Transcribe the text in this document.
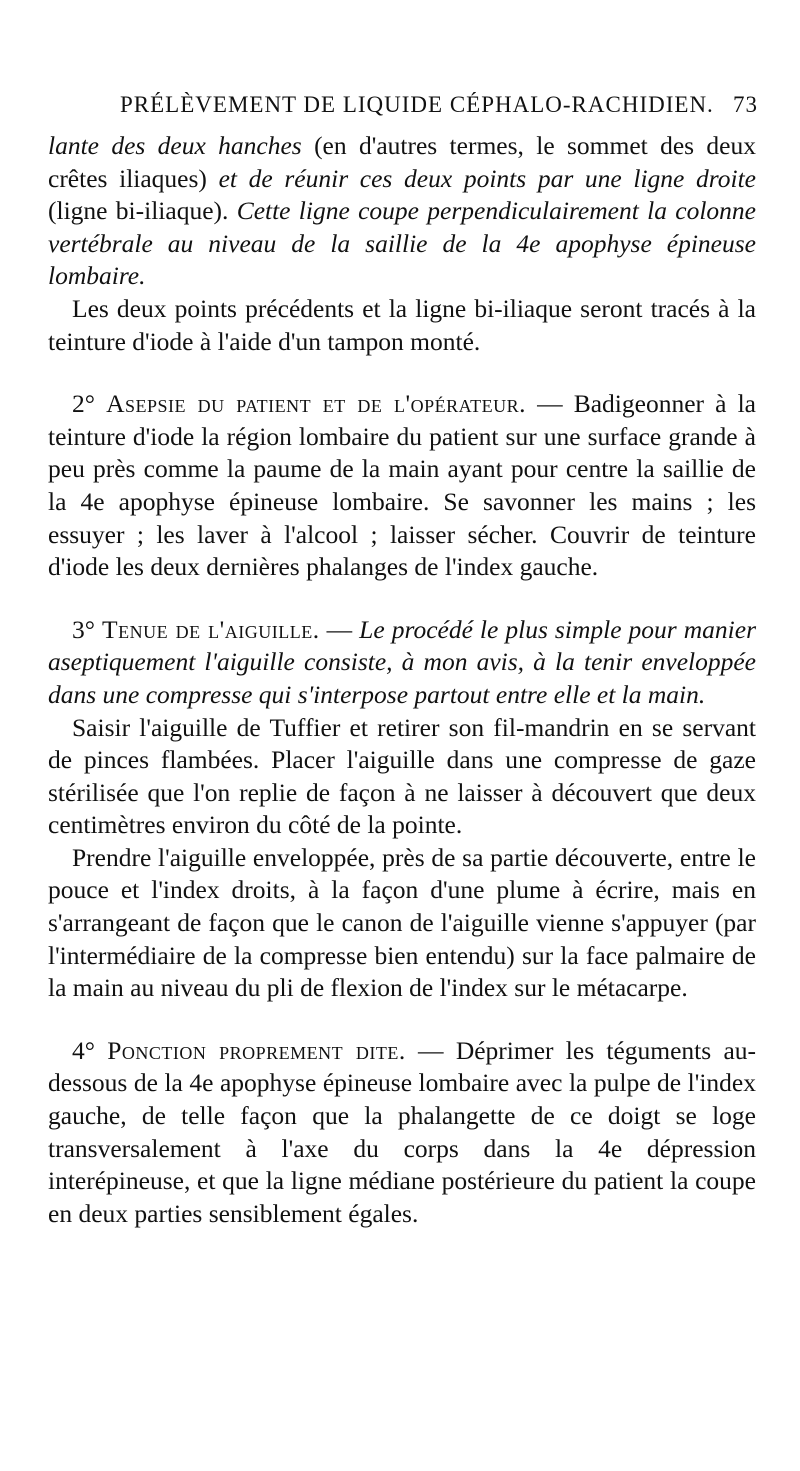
PRÉLÈVEMENT DE LIQUIDE CÉPHALO-RACHIDIEN. 73

lante des deux hanches (en d'autres termes, le sommet des deux crêtes iliaques) et de réunir ces deux points par une ligne droite (ligne bi-iliaque). Cette ligne coupe perpendiculairement la colonne vertébrale au niveau de la saillie de la 4e apophyse épineuse lombaire.

Les deux points précédents et la ligne bi-iliaque seront tracés à la teinture d'iode à l'aide d'un tampon monté.

2° Asepsie du patient et de l'opérateur. — Badigeonner à la teinture d'iode la région lombaire du patient sur une surface grande à peu près comme la paume de la main ayant pour centre la saillie de la 4e apophyse épineuse lombaire. Se savonner les mains ; les essuyer ; les laver à l'alcool ; laisser sécher. Couvrir de teinture d'iode les deux dernières phalanges de l'index gauche.

3° Tenue de l'aiguille. — Le procédé le plus simple pour manier aseptiquement l'aiguille consiste, à mon avis, à la tenir enveloppée dans une compresse qui s'interpose partout entre elle et la main.

Saisir l'aiguille de Tuffier et retirer son fil-mandrin en se servant de pinces flambées. Placer l'aiguille dans une compresse de gaze stérilisée que l'on replie de façon à ne laisser à découvert que deux centimètres environ du côté de la pointe.

Prendre l'aiguille enveloppée, près de sa partie découverte, entre le pouce et l'index droits, à la façon d'une plume à écrire, mais en s'arrangeant de façon que le canon de l'aiguille vienne s'appuyer (par l'intermédiaire de la compresse bien entendu) sur la face palmaire de la main au niveau du pli de flexion de l'index sur le métacarpe.

4° Ponction proprement dite. — Déprimer les téguments au-dessous de la 4e apophyse épineuse lombaire avec la pulpe de l'index gauche, de telle façon que la phalangette de ce doigt se loge transversalement à l'axe du corps dans la 4e dépression interépineuse, et que la ligne médiane postérieure du patient la coupe en deux parties sensiblement égales.
